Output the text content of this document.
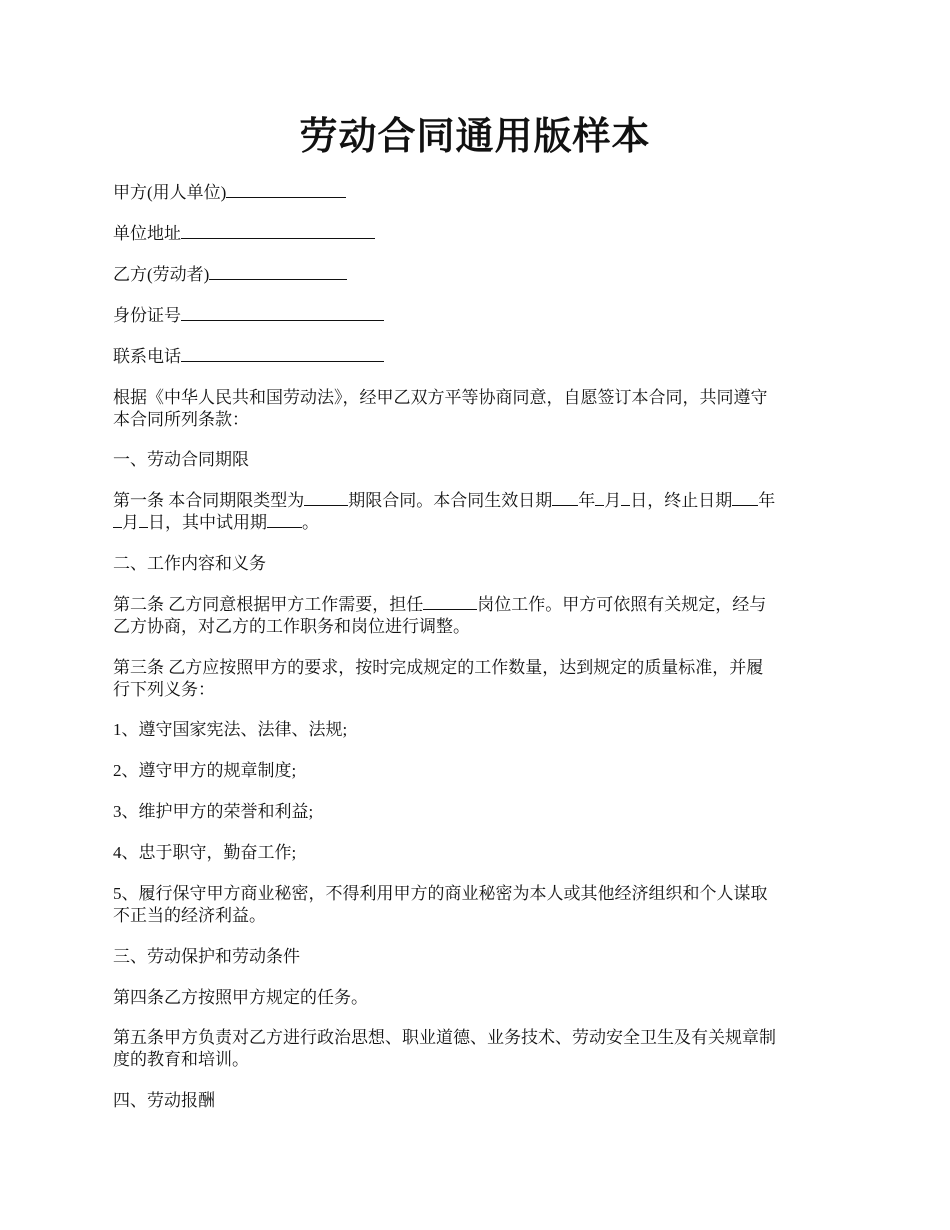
劳动合同通用版样本
甲方(用人单位)
单位地址
乙方(劳动者)
身份证号
联系电话
根据《中华人民共和国劳动法》，经甲乙双方平等协商同意，自愿签订本合同，共同遵守
本合同所列条款：
一、劳动合同期限
第一条 本合同期限类型为	期限合同。本合同生效日期 年 月 日，终止日期 年
月 日，其中试用期 。
二、工作内容和义务
第二条 乙方同意根据甲方工作需要，担任	岗位工作。甲方可依照有关规定，经与
乙方协商，对乙方的工作职务和岗位进行调整。
第三条 乙方应按照甲方的要求，按时完成规定的工作数量，达到规定的质量标准，并履
行下列义务：
1、遵守国家宪法、法律、法规;
2、遵守甲方的规章制度;
3、维护甲方的荣誉和利益;
4、忠于职守，勤奋工作;
5、履行保守甲方商业秘密，不得利用甲方的商业秘密为本人或其他经济组织和个人谋取
不正当的经济利益。
三、劳动保护和劳动条件
第四条乙方按照甲方规定的任务。
第五条甲方负责对乙方进行政治思想、职业道德、业务技术、劳动安全卫生及有关规章制
度的教育和培训。
四、劳动报酬
